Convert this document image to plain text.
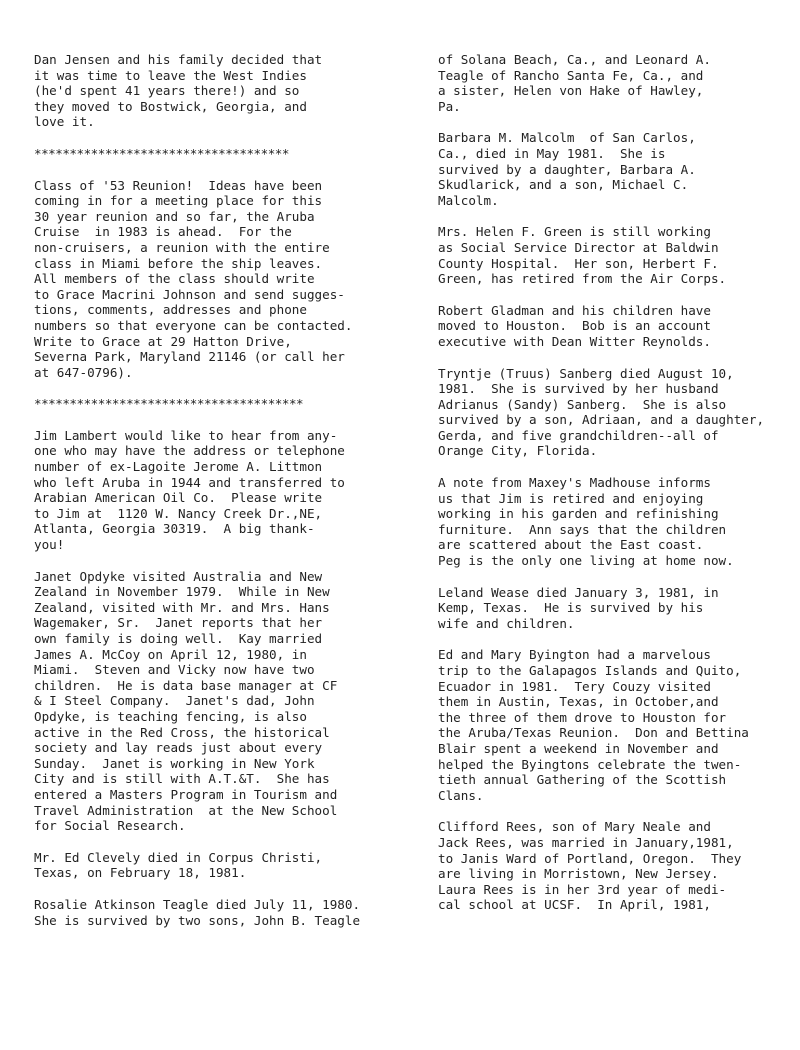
Dan Jensen and his family decided that
it was time to leave the West Indies
(he'd spent 41 years there!) and so
they moved to Bostwick, Georgia, and
love it.
************************************
Class of '53 Reunion!  Ideas have been
coming in for a meeting place for this
30 year reunion and so far, the Aruba
Cruise  in 1983 is ahead.  For the
non-cruisers, a reunion with the entire
class in Miami before the ship leaves.
All members of the class should write
to Grace Macrini Johnson and send sugges-
tions, comments, addresses and phone
numbers so that everyone can be contacted.
Write to Grace at 29 Hatton Drive,
Severna Park, Maryland 21146 (or call her
at 647-0796).
**************************************
Jim Lambert would like to hear from any-
one who may have the address or telephone
number of ex-Lagoite Jerome A. Littmon
who left Aruba in 1944 and transferred to
Arabian American Oil Co.  Please write
to Jim at  1120 W. Nancy Creek Dr.,NE,
Atlanta, Georgia 30319.  A big thank-
you!
Janet Opdyke visited Australia and New
Zealand in November 1979.  While in New
Zealand, visited with Mr. and Mrs. Hans
Wagemaker, Sr.  Janet reports that her
own family is doing well.  Kay married
James A. McCoy on April 12, 1980, in
Miami.  Steven and Vicky now have two
children.  He is data base manager at CF
& I Steel Company.  Janet's dad, John
Opdyke, is teaching fencing, is also
active in the Red Cross, the historical
society and lay reads just about every
Sunday.  Janet is working in New York
City and is still with A.T.&T.  She has
entered a Masters Program in Tourism and
Travel Administration  at the New School
for Social Research.
Mr. Ed Clevely died in Corpus Christi,
Texas, on February 18, 1981.
Rosalie Atkinson Teagle died July 11, 1980.
She is survived by two sons, John B. Teagle
of Solana Beach, Ca., and Leonard A.
Teagle of Rancho Santa Fe, Ca., and
a sister, Helen von Hake of Hawley,
Pa.
Barbara M. Malcolm  of San Carlos,
Ca., died in May 1981.  She is
survived by a daughter, Barbara A.
Skudlarick, and a son, Michael C.
Malcolm.
Mrs. Helen F. Green is still working
as Social Service Director at Baldwin
County Hospital.  Her son, Herbert F.
Green, has retired from the Air Corps.
Robert Gladman and his children have
moved to Houston.  Bob is an account
executive with Dean Witter Reynolds.
Tryntje (Truus) Sanberg died August 10,
1981.  She is survived by her husband
Adrianus (Sandy) Sanberg.  She is also
survived by a son, Adriaan, and a daughter,
Gerda, and five grandchildren--all of
Orange City, Florida.
A note from Maxey's Madhouse informs
us that Jim is retired and enjoying
working in his garden and refinishing
furniture.  Ann says that the children
are scattered about the East coast.
Peg is the only one living at home now.
Leland Wease died January 3, 1981, in
Kemp, Texas.  He is survived by his
wife and children.
Ed and Mary Byington had a marvelous
trip to the Galapagos Islands and Quito,
Ecuador in 1981.  Tery Couzy visited
them in Austin, Texas, in October,and
the three of them drove to Houston for
the Aruba/Texas Reunion.  Don and Bettina
Blair spent a weekend in November and
helped the Byingtons celebrate the twen-
tieth annual Gathering of the Scottish
Clans.
Clifford Rees, son of Mary Neale and
Jack Rees, was married in January,1981,
to Janis Ward of Portland, Oregon.  They
are living in Morristown, New Jersey.
Laura Rees is in her 3rd year of medi-
cal school at UCSF.  In April, 1981,
